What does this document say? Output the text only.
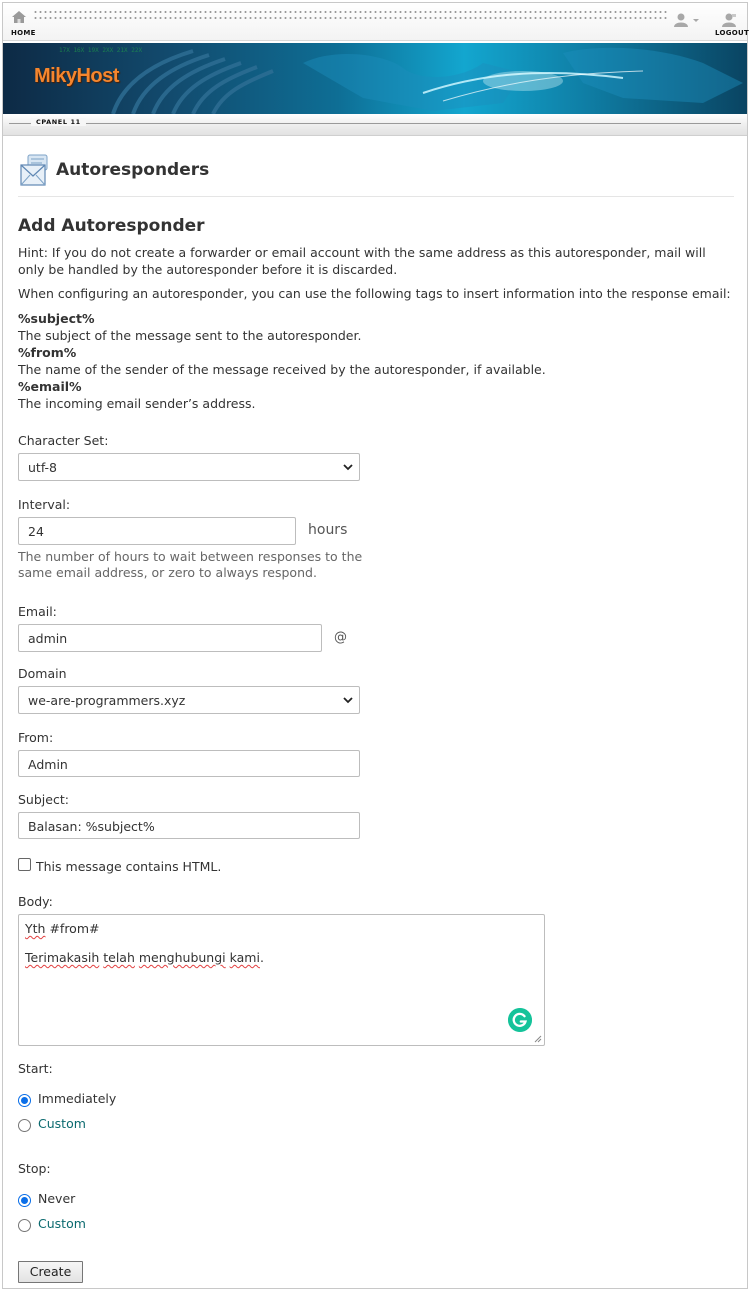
HOME	LOGOUT
17X 16X 19X 2XX 21X 22X
MikyHost
CPANEL 11
Autoresponders
Add Autoresponder
Hint: If you do not create a forwarder or email account with the same address as this autoresponder, mail will only be handled by the autoresponder before it is discarded.
When configuring an autoresponder, you can use the following tags to insert information into the response email:
%subject%
The subject of the message sent to the autoresponder.
%from%
The name of the sender of the message received by the autoresponder, if available.
%email%
The incoming email sender’s address.
Character Set:
utf-8
Interval:
24	hours
The number of hours to wait between responses to the
same email address, or zero to always respond.
Email:
admin	@
Domain
we-are-programmers.xyz
From:
Admin
Subject:
Balasan: %subject%
This message contains HTML.
Body:
Yth #from#
Terimakasih telah menghubungi kami.
Start:
Immediately
Custom
Stop:
Never
Custom
Create
